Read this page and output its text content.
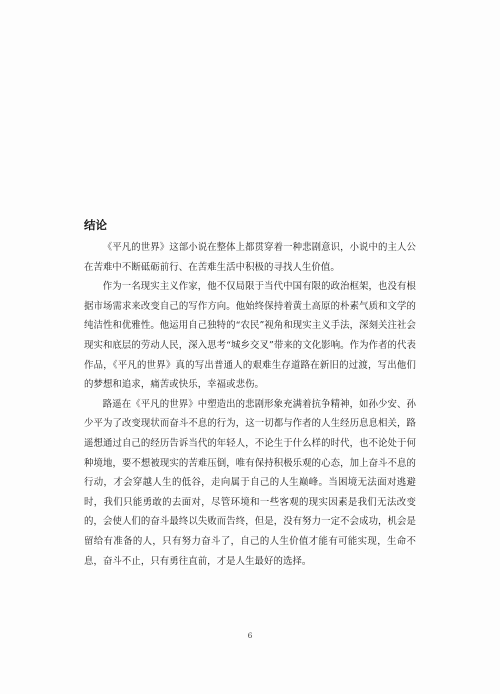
结论

《平凡的世界》这部小说在整体上都贯穿着一种悲剧意识，小说中的主人公在苦难中不断砥砺前行、在苦难生活中积极的寻找人生价值。

作为一名现实主义作家，他不仅局限于当代中国有限的政治框架，也没有根据市场需求来改变自己的写作方向。他始终保持着黄土高原的朴素气质和文学的纯洁性和优雅性。他运用自己独特的“农民”视角和现实主义手法，深刻关注社会现实和底层的劳动人民，深入思考“城乡交叉”带来的文化影响。作为作者的代表作品，《平凡的世界》真的写出普通人的艰难生存道路在新旧的过渡，写出他们的梦想和追求，痛苦或快乐，幸福或悲伤。

路遥在《平凡的世界》中塑造出的悲剧形象充满着抗争精神，如孙少安、孙少平为了改变现状而奋斗不息的行为，这一切都与作者的人生经历息息相关，路遥想通过自己的经历告诉当代的年轻人，不论生于什么样的时代，也不论处于何种境地，要不想被现实的苦难压倒，唯有保持积极乐观的心态，加上奋斗不息的行动，才会穿越人生的低谷，走向属于自己的人生巅峰。当困境无法面对逃避时，我们只能勇敢的去面对，尽管环境和一些客观的现实因素是我们无法改变的，会使人们的奋斗最终以失败而告终，但是，没有努力一定不会成功，机会是留给有准备的人，只有努力奋斗了，自己的人生价值才能有可能实现，生命不息，奋斗不止，只有勇往直前，才是人生最好的选择。

6
